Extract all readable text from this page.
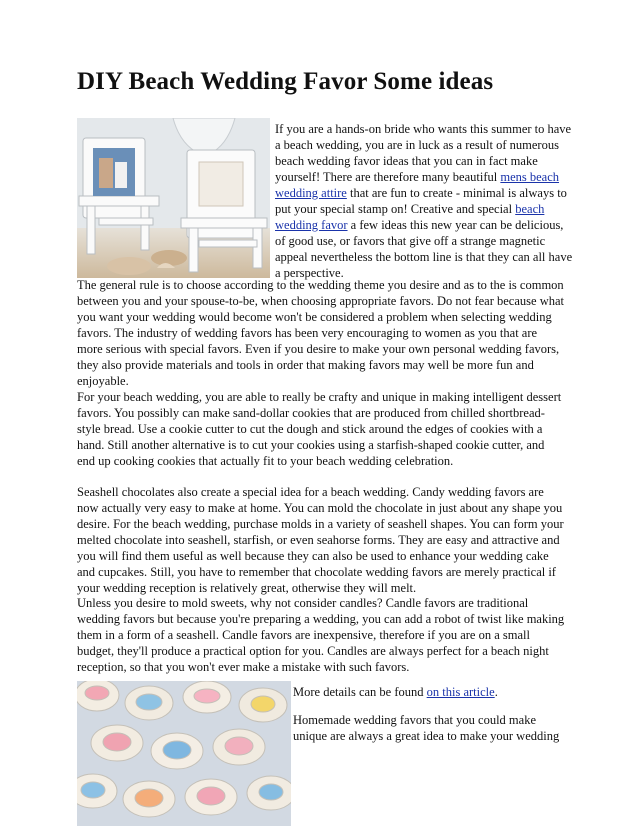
DIY Beach Wedding Favor Some ideas
If you are a hands-on bride who wants this summer to have a beach wedding, you are in luck as a result of numerous beach wedding favor ideas that you can in fact make yourself! There are therefore many beautiful mens beach wedding attire that are fun to create - minimal is always to put your special stamp on! Creative and special beach wedding favor a few ideas this new year can be delicious, of good use, or favors that give off a strange magnetic appeal nevertheless the bottom line is that they can all have a perspective.

The general rule is to choose according to the wedding theme you desire and as to the is common between you and your spouse-to-be, when choosing appropriate favors. Do not fear because what you want your wedding would become won't be considered a problem when selecting wedding favors. The industry of wedding favors has been very encouraging to women as you that are more serious with special favors. Even if you desire to make your own personal wedding favors, they also provide materials and tools in order that making favors may well be more fun and enjoyable.

For your beach wedding, you are able to really be crafty and unique in making intelligent dessert favors. You possibly can make sand-dollar cookies that are produced from chilled shortbread-style bread. Use a cookie cutter to cut the dough and stick around the edges of cookies with a hand. Still another alternative is to cut your cookies using a starfish-shaped cookie cutter, and end up cooking cookies that actually fit to your beach wedding celebration.

Seashell chocolates also create a special idea for a beach wedding. Candy wedding favors are now actually very easy to make at home. You can mold the chocolate in just about any shape you desire. For the beach wedding, purchase molds in a variety of seashell shapes. You can form your melted chocolate into seashell, starfish, or even seahorse forms. They are easy and attractive and you will find them useful as well because they can also be used to enhance your wedding cake and cupcakes. Still, you have to remember that chocolate wedding favors are merely practical if your wedding reception is relatively great, otherwise they will melt.

Unless you desire to mold sweets, why not consider candles? Candle favors are traditional wedding favors but because you're preparing a wedding, you can add a robot of twist like making them in a form of a seashell. Candle favors are inexpensive, therefore if you are on a small budget, they'll produce a practical option for you. Candles are always perfect for a beach night reception, so that you won't ever make a mistake with such favors.

More details can be found on this article.

Homemade wedding favors that you could make unique are always a great idea to make your wedding
